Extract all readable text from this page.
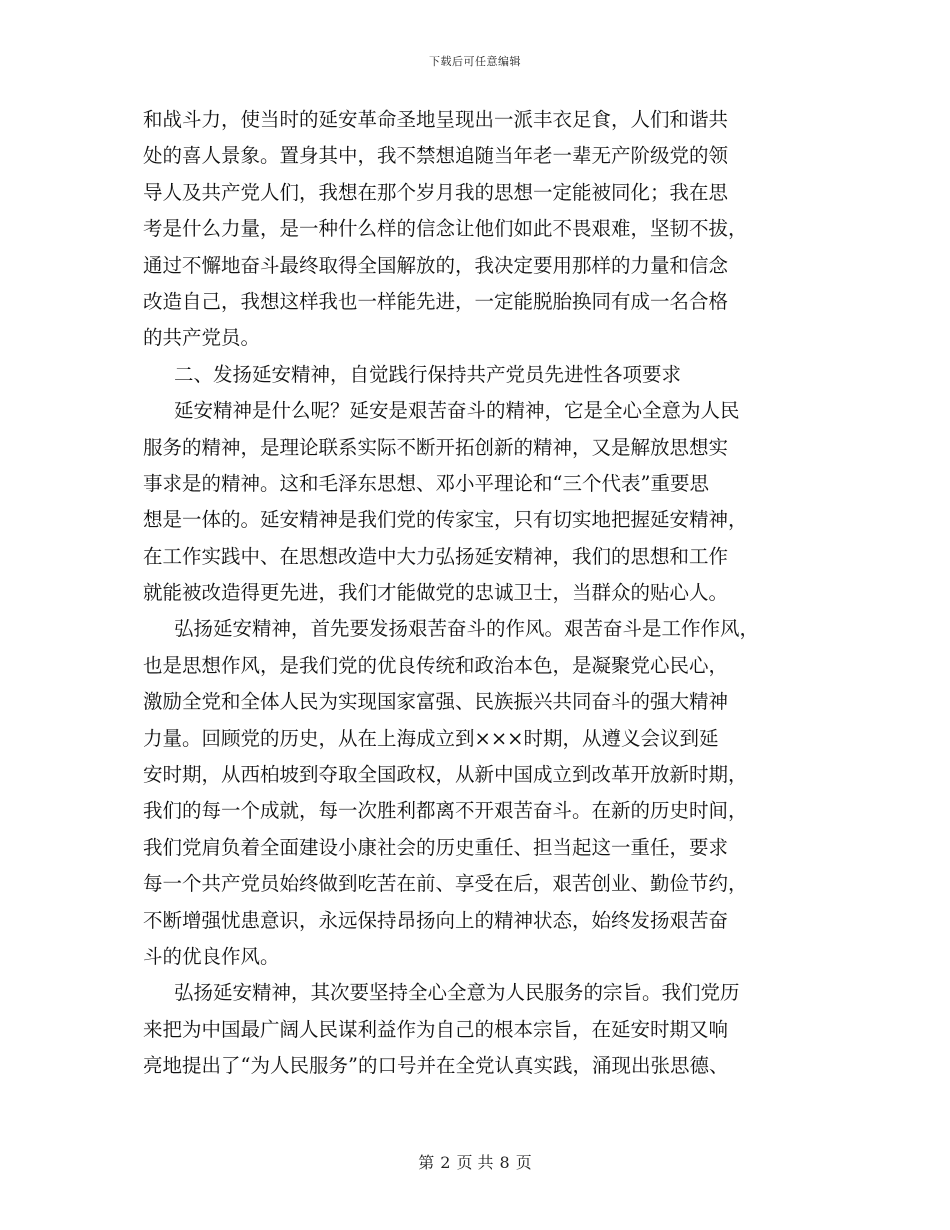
下载后可任意编辑
和战斗力，使当时的延安革命圣地呈现出一派丰衣足食，人们和谐共
处的喜人景象。置身其中，我不禁想追随当年老一辈无产阶级党的领
导人及共产党人们，我想在那个岁月我的思想一定能被同化；我在思
考是什么力量，是一种什么样的信念让他们如此不畏艰难，坚韧不拔，
通过不懈地奋斗最终取得全国解放的，我决定要用那样的力量和信念
改造自己，我想这样我也一样能先进，一定能脱胎换同有成一名合格
的共产党员。
二、发扬延安精神，自觉践行保持共产党员先进性各项要求
延安精神是什么呢？延安是艰苦奋斗的精神，它是全心全意为人民
服务的精神，是理论联系实际不断开拓创新的精神，又是解放思想实
事求是的精神。这和毛泽东思想、邓小平理论和“三个代表”重要思
想是一体的。延安精神是我们党的传家宝，只有切实地把握延安精神，
在工作实践中、在思想改造中大力弘扬延安精神，我们的思想和工作
就能被改造得更先进，我们才能做党的忠诚卫士，当群众的贴心人。
弘扬延安精神，首先要发扬艰苦奋斗的作风。艰苦奋斗是工作作风，
也是思想作风，是我们党的优良传统和政治本色，是凝聚党心民心，
激励全党和全体人民为实现国家富强、民族振兴共同奋斗的强大精神
力量。回顾党的历史，从在上海成立到×××时期，从遵义会议到延
安时期，从西柏坡到夺取全国政权，从新中国成立到改革开放新时期，
我们的每一个成就，每一次胜利都离不开艰苦奋斗。在新的历史时间，
我们党肩负着全面建设小康社会的历史重任、担当起这一重任，要求
每一个共产党员始终做到吃苦在前、享受在后，艰苦创业、勤俭节约，
不断增强忧患意识，永远保持昂扬向上的精神状态，始终发扬艰苦奋
斗的优良作风。
弘扬延安精神，其次要坚持全心全意为人民服务的宗旨。我们党历
来把为中国最广阔人民谋利益作为自己的根本宗旨，在延安时期又响
亮地提出了“为人民服务”的口号并在全党认真实践，涌现出张思德、
第 2 页 共 8 页
